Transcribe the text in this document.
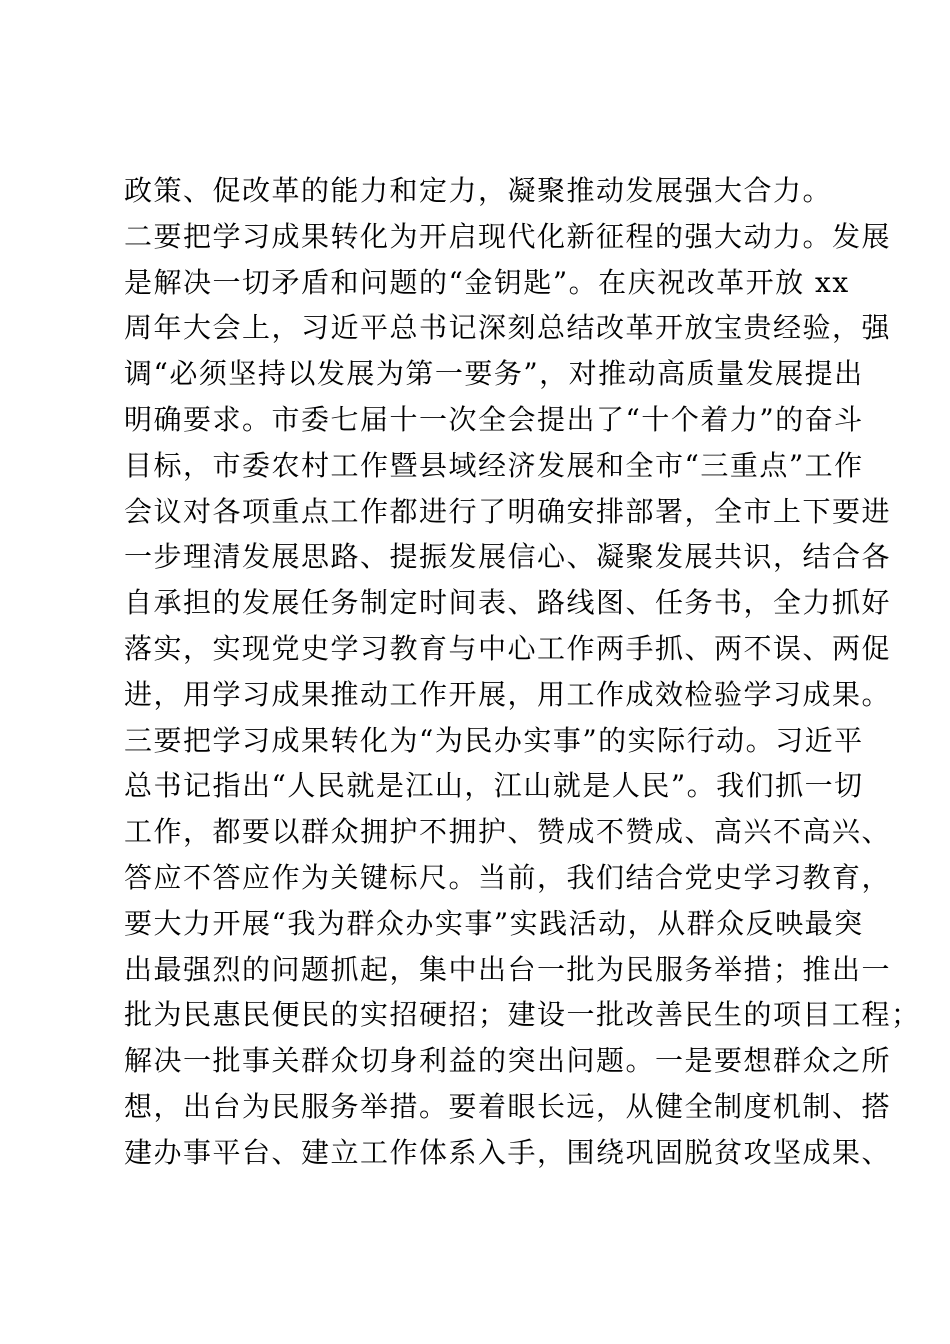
政策、促改革的能力和定力，凝聚推动发展强大合力。
二要把学习成果转化为开启现代化新征程的强大动力。发展
是解决一切矛盾和问题的“金钥匙”。在庆祝改革开放 xx
周年大会上，习近平总书记深刻总结改革开放宝贵经验，强
调“必须坚持以发展为第一要务”，对推动高质量发展提出
明确要求。市委七届十一次全会提出了“十个着力”的奋斗
目标，市委农村工作暨县域经济发展和全市“三重点”工作
会议对各项重点工作都进行了明确安排部署，全市上下要进
一步理清发展思路、提振发展信心、凝聚发展共识，结合各
自承担的发展任务制定时间表、路线图、任务书，全力抓好
落实，实现党史学习教育与中心工作两手抓、两不误、两促
进，用学习成果推动工作开展，用工作成效检验学习成果。
三要把学习成果转化为“为民办实事”的实际行动。习近平
总书记指出“人民就是江山，江山就是人民”。我们抓一切
工作，都要以群众拥护不拥护、赞成不赞成、高兴不高兴、
答应不答应作为关键标尺。当前，我们结合党史学习教育，
要大力开展“我为群众办实事”实践活动，从群众反映最突
出最强烈的问题抓起，集中出台一批为民服务举措；推出一
批为民惠民便民的实招硬招；建设一批改善民生的项目工程；
解决一批事关群众切身利益的突出问题。一是要想群众之所
想，出台为民服务举措。要着眼长远，从健全制度机制、搭
建办事平台、建立工作体系入手，围绕巩固脱贫攻坚成果、
